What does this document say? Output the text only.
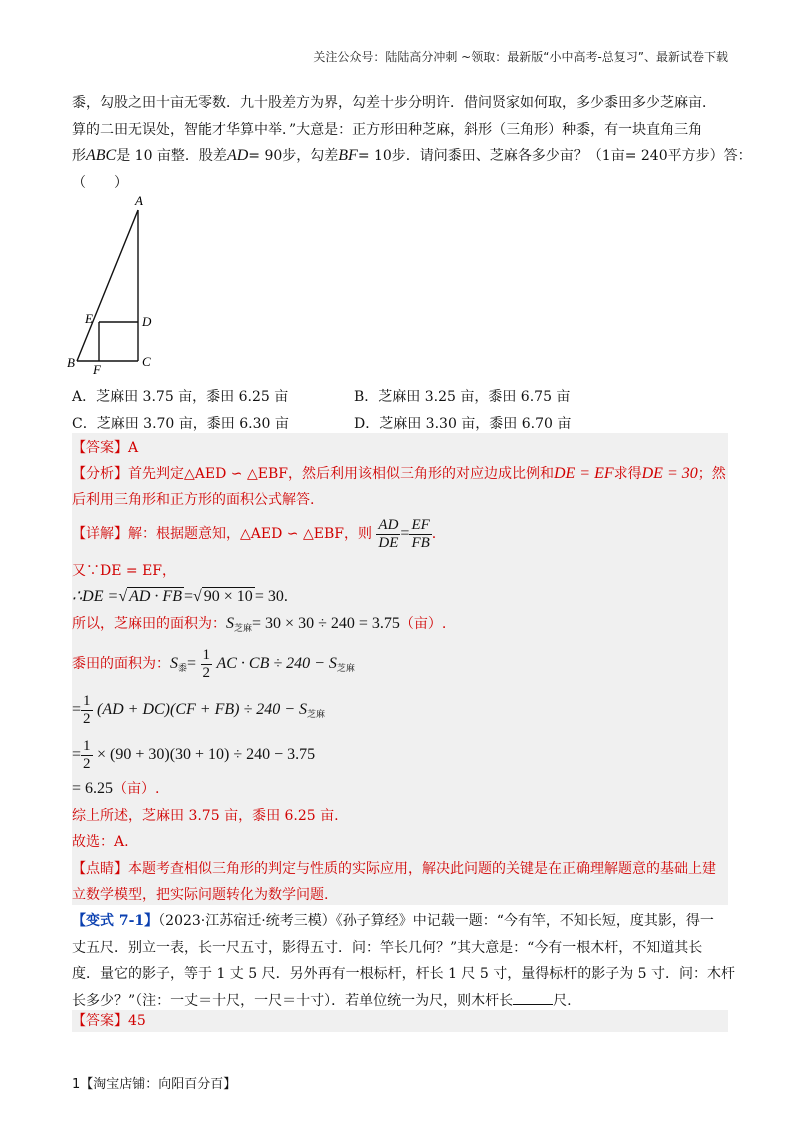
关注公众号：陆陆高分冲刺 ~领取：最新版“小中高考-总复习”、最新试卷下载
黍，勾股之田十亩无零数．九十股差方为界，勾差十步分明许．借问贤家如何取，多少黍田多少芝麻亩．
算的二田无误处，智能才华算中举．”大意是：正方形田种芝麻，斜形（三角形）种黍，有一块直角三角
形ABC是 10 亩整．股差AD= 90步，勾差BF= 10步．请问黍田、芝麻各多少亩？（1亩= 240平方步）答：
（　　）
A
B	C
D
E
F
A．芝麻田 3.75 亩，黍田 6.25 亩	B．芝麻田 3.25 亩，黍田 6.75 亩
C．芝麻田 3.70 亩，黍田 6.30 亩	D．芝麻田 3.30 亩，黍田 6.70 亩
【答案】A
【分析】首先判定△AED ∽ △EBF，然后利用该相似三角形的对应边成比例和DE = EF求得DE = 30；然
后利用三角形和正方形的面积公式解答.
【详解】解：根据题意知，△AED ∽ △EBF，则 $\frac{AD}{DE} = \frac{EF}{FB}$ .
又∵DE = EF，
∴DE =√ AD · FB =√ 90 × 10 = 30.
所以，芝麻田的面积为：$S_{芝麻}= 30 \times 30 \div 240 = 3.75$（亩）.
黍田的面积为：$S_黍= \frac{1}{2}$ AC · CB ÷ $240 - S_{芝麻}$
= $\frac{1}{2} (AD + DC)(CF + FB) \div 240 - S_{芝麻}$
= $\frac{1}{2} \times (90 + 30)(30 + 10) \div 240 - 3.75$
= 6.25（亩）.
综上所述，芝麻田 3.75 亩，黍田 6.25 亩.
故选：A.
【点睛】本题考查相似三角形的判定与性质的实际应用，解决此问题的关键是在正确理解题意的基础上建
立数学模型，把实际问题转化为数学问题.
【变式 7-1】（2023·江苏宿迁·统考三模）《孙子算经》中记载一题：“今有竿，不知长短，度其影，得一
丈五尺．别立一表，长一尺五寸，影得五寸．问：竿长几何？”其大意是：“今有一根木杆，不知道其长
度．量它的影子，等于 1 丈 5 尺．另外再有一根标杆，杆长 1 尺 5 寸，量得标杆的影子为 5 寸．问：木杆
长多少？”（注：一丈＝十尺，一尺＝十寸）．若单位统一为尺，则木杆长	尺.
【答案】45
1【淘宝店铺：向阳百分百】
